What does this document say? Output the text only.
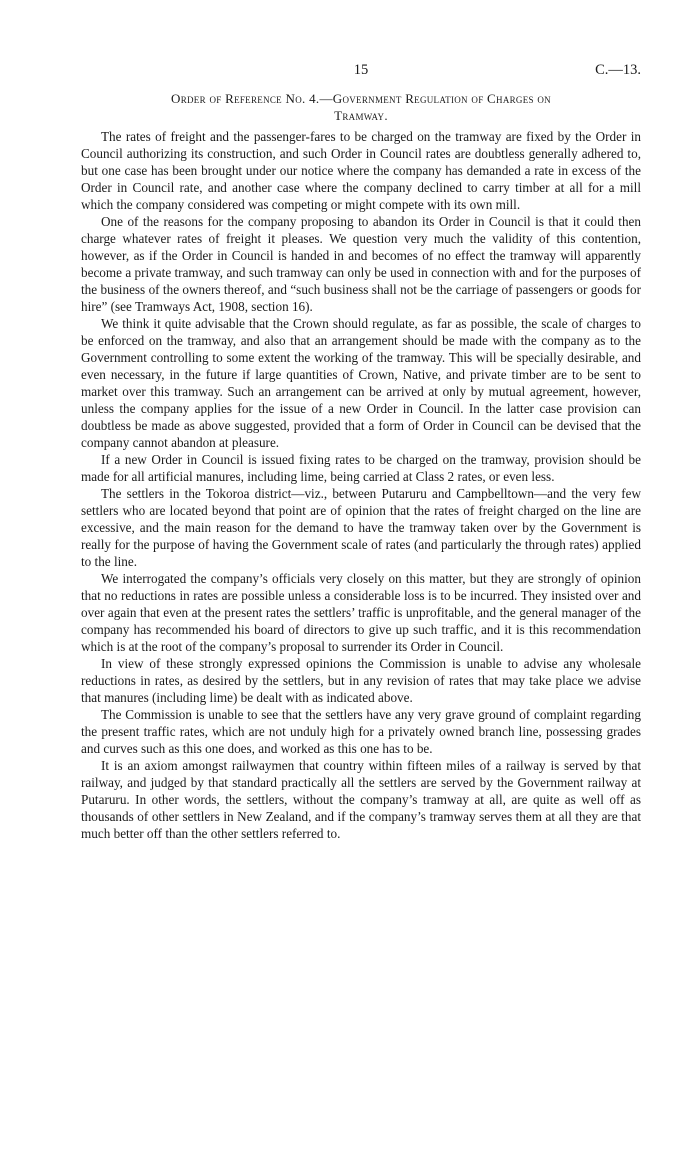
15	C.—13.
Order of Reference No. 4.—Government Regulation of Charges on
Tramway.

The rates of freight and the passenger-fares to be charged on the tramway are fixed by the Order in Council authorizing its construction, and such Order in Council rates are doubtless generally adhered to, but one case has been brought under our notice where the company has demanded a rate in excess of the Order in Council rate, and another case where the company declined to carry timber at all for a mill which the company considered was competing or might compete with its own mill.

One of the reasons for the company proposing to abandon its Order in Council is that it could then charge whatever rates of freight it pleases. We question very much the validity of this contention, however, as if the Order in Council is handed in and becomes of no effect the tramway will apparently become a private tramway, and such tramway can only be used in connection with and for the purposes of the business of the owners thereof, and “such business shall not be the carriage of passengers or goods for hire” (see Tramways Act, 1908, section 16).

We think it quite advisable that the Crown should regulate, as far as possible, the scale of charges to be enforced on the tramway, and also that an arrangement should be made with the company as to the Government controlling to some extent the working of the tramway. This will be specially desirable, and even necessary, in the future if large quantities of Crown, Native, and private timber are to be sent to market over this tramway. Such an arrangement can be arrived at only by mutual agreement, however, unless the company applies for the issue of a new Order in Council. In the latter case provision can doubtless be made as above suggested, provided that a form of Order in Council can be devised that the company cannot abandon at pleasure.

If a new Order in Council is issued fixing rates to be charged on the tramway, provision should be made for all artificial manures, including lime, being carried at Class 2 rates, or even less.

The settlers in the Tokoroa district—viz., between Putaruru and Campbelltown—and the very few settlers who are located beyond that point are of opinion that the rates of freight charged on the line are excessive, and the main reason for the demand to have the tramway taken over by the Government is really for the purpose of having the Government scale of rates (and particularly the through rates) applied to the line.

We interrogated the company’s officials very closely on this matter, but they are strongly of opinion that no reductions in rates are possible unless a considerable loss is to be incurred. They insisted over and over again that even at the present rates the settlers’ traffic is unprofitable, and the general manager of the company has recommended his board of directors to give up such traffic, and it is this recommendation which is at the root of the company’s proposal to surrender its Order in Council.

In view of these strongly expressed opinions the Commission is unable to advise any wholesale reductions in rates, as desired by the settlers, but in any revision of rates that may take place we advise that manures (including lime) be dealt with as indicated above.

The Commission is unable to see that the settlers have any very grave ground of complaint regarding the present traffic rates, which are not unduly high for a privately owned branch line, possessing grades and curves such as this one does, and worked as this one has to be.

It is an axiom amongst railwaymen that country within fifteen miles of a railway is served by that railway, and judged by that standard practically all the settlers are served by the Government railway at Putaruru. In other words, the settlers, without the company’s tramway at all, are quite as well off as thousands of other settlers in New Zealand, and if the company’s tramway serves them at all they are that much better off than the other settlers referred to.
